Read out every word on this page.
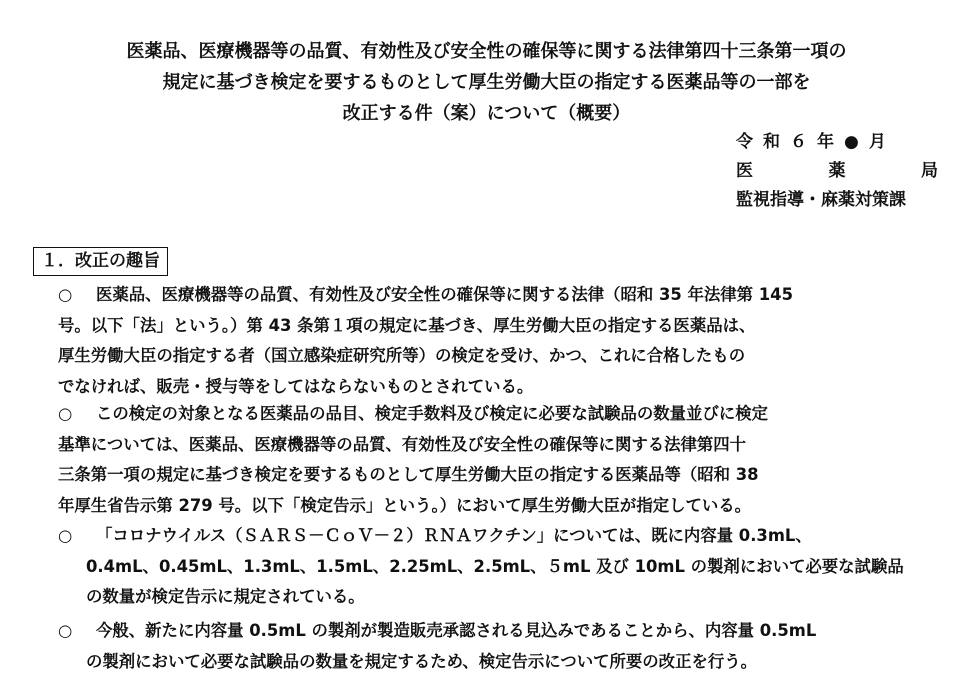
医薬品、医療機器等の品質、有効性及び安全性の確保等に関する法律第四十三条第一項の
規定に基づき検定を要するものとして厚生労働大臣の指定する医薬品等の一部を
改正する件（案）について（概要）
令和６年●月
医	薬	局
監視指導・麻薬対策課
１．改正の趣旨
○ 医薬品、医療機器等の品質、有効性及び安全性の確保等に関する法律（昭和 35 年法律第 145
号。以下「法」という。）第 43 条第１項の規定に基づき、厚生労働大臣の指定する医薬品は、
厚生労働大臣の指定する者（国立感染症研究所等）の検定を受け、かつ、これに合格したもの
でなければ、販売・授与等をしてはならないものとされている。
○ この検定の対象となる医薬品の品目、検定手数料及び検定に必要な試験品の数量並びに検定
基準については、医薬品、医療機器等の品質、有効性及び安全性の確保等に関する法律第四十
三条第一項の規定に基づき検定を要するものとして厚生労働大臣の指定する医薬品等（昭和 38
年厚生省告示第 279 号。以下「検定告示」という。）において厚生労働大臣が指定している。
○ 「コロナウイルス（ＳＡＲＳ－ＣｏＶ－２）ＲＮＡワクチン」については、既に内容量 0.3mL、
0.4mL、0.45mL、1.3mL、1.5mL、2.25mL、2.5mL、５mL 及び 10mL の製剤において必要な試験品
の数量が検定告示に規定されている。
○ 今般、新たに内容量 0.5mL の製剤が製造販売承認される見込みであることから、内容量 0.5mL
の製剤において必要な試験品の数量を規定するため、検定告示について所要の改正を行う。
